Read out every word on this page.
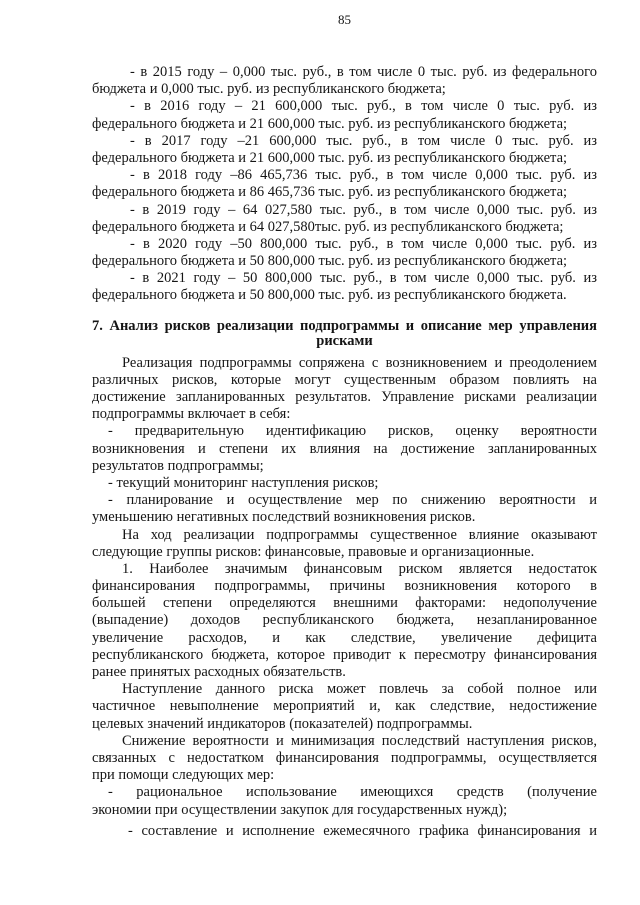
85
- в 2015 году – 0,000 тыс. руб., в том числе 0 тыс. руб. из федерального
бюджета и 0,000 тыс. руб. из республиканского бюджета;
- в 2016 году – 21 600,000 тыс. руб., в том числе 0 тыс. руб. из
федерального бюджета и 21 600,000 тыс. руб. из республиканского бюджета;
- в 2017 году –21 600,000 тыс. руб., в том числе 0 тыс. руб. из
федерального бюджета и 21 600,000 тыс. руб. из республиканского бюджета;
- в 2018 году –86 465,736 тыс. руб., в том числе 0,000 тыс. руб. из
федерального бюджета и 86 465,736 тыс. руб. из республиканского бюджета;
- в 2019 году – 64 027,580 тыс. руб., в том числе 0,000 тыс. руб. из
федерального бюджета и 64 027,580тыс. руб. из республиканского бюджета;
- в 2020 году –50 800,000 тыс. руб., в том числе 0,000 тыс. руб. из
федерального бюджета и 50 800,000 тыс. руб. из республиканского бюджета;
- в 2021 году – 50 800,000 тыс. руб., в том числе 0,000 тыс. руб. из
федерального бюджета и 50 800,000 тыс. руб. из республиканского бюджета.
7. Анализ рисков реализации подпрограммы и описание мер управления
рисками
Реализация подпрограммы сопряжена с возникновением и преодолением
различных рисков, которые могут существенным образом повлиять на
достижение запланированных результатов. Управление рисками реализации
подпрограммы включает в себя:
- предварительную идентификацию рисков, оценку вероятности
возникновения и степени их влияния на достижение запланированных
результатов подпрограммы;
- текущий мониторинг наступления рисков;
- планирование и осуществление мер по снижению вероятности и
уменьшению негативных последствий возникновения рисков.
На ход реализации подпрограммы существенное влияние оказывают
следующие группы рисков: финансовые, правовые и организационные.
1. Наиболее значимым финансовым риском является недостаток
финансирования подпрограммы, причины возникновения которого в
большей степени определяются внешними факторами: недополучение
(выпадение) доходов республиканского бюджета, незапланированное
увеличение расходов, и как следствие, увеличение дефицита
республиканского бюджета, которое приводит к пересмотру финансирования
ранее принятых расходных обязательств.
Наступление данного риска может повлечь за собой полное или
частичное невыполнение мероприятий и, как следствие, недостижение
целевых значений индикаторов (показателей) подпрограммы.
Снижение вероятности и минимизация последствий наступления рисков,
связанных с недостатком финансирования подпрограммы, осуществляется
при помощи следующих мер:
- рациональное использование имеющихся средств (получение
экономии при осуществлении закупок для государственных нужд);
- составление и исполнение ежемесячного графика финансирования и
